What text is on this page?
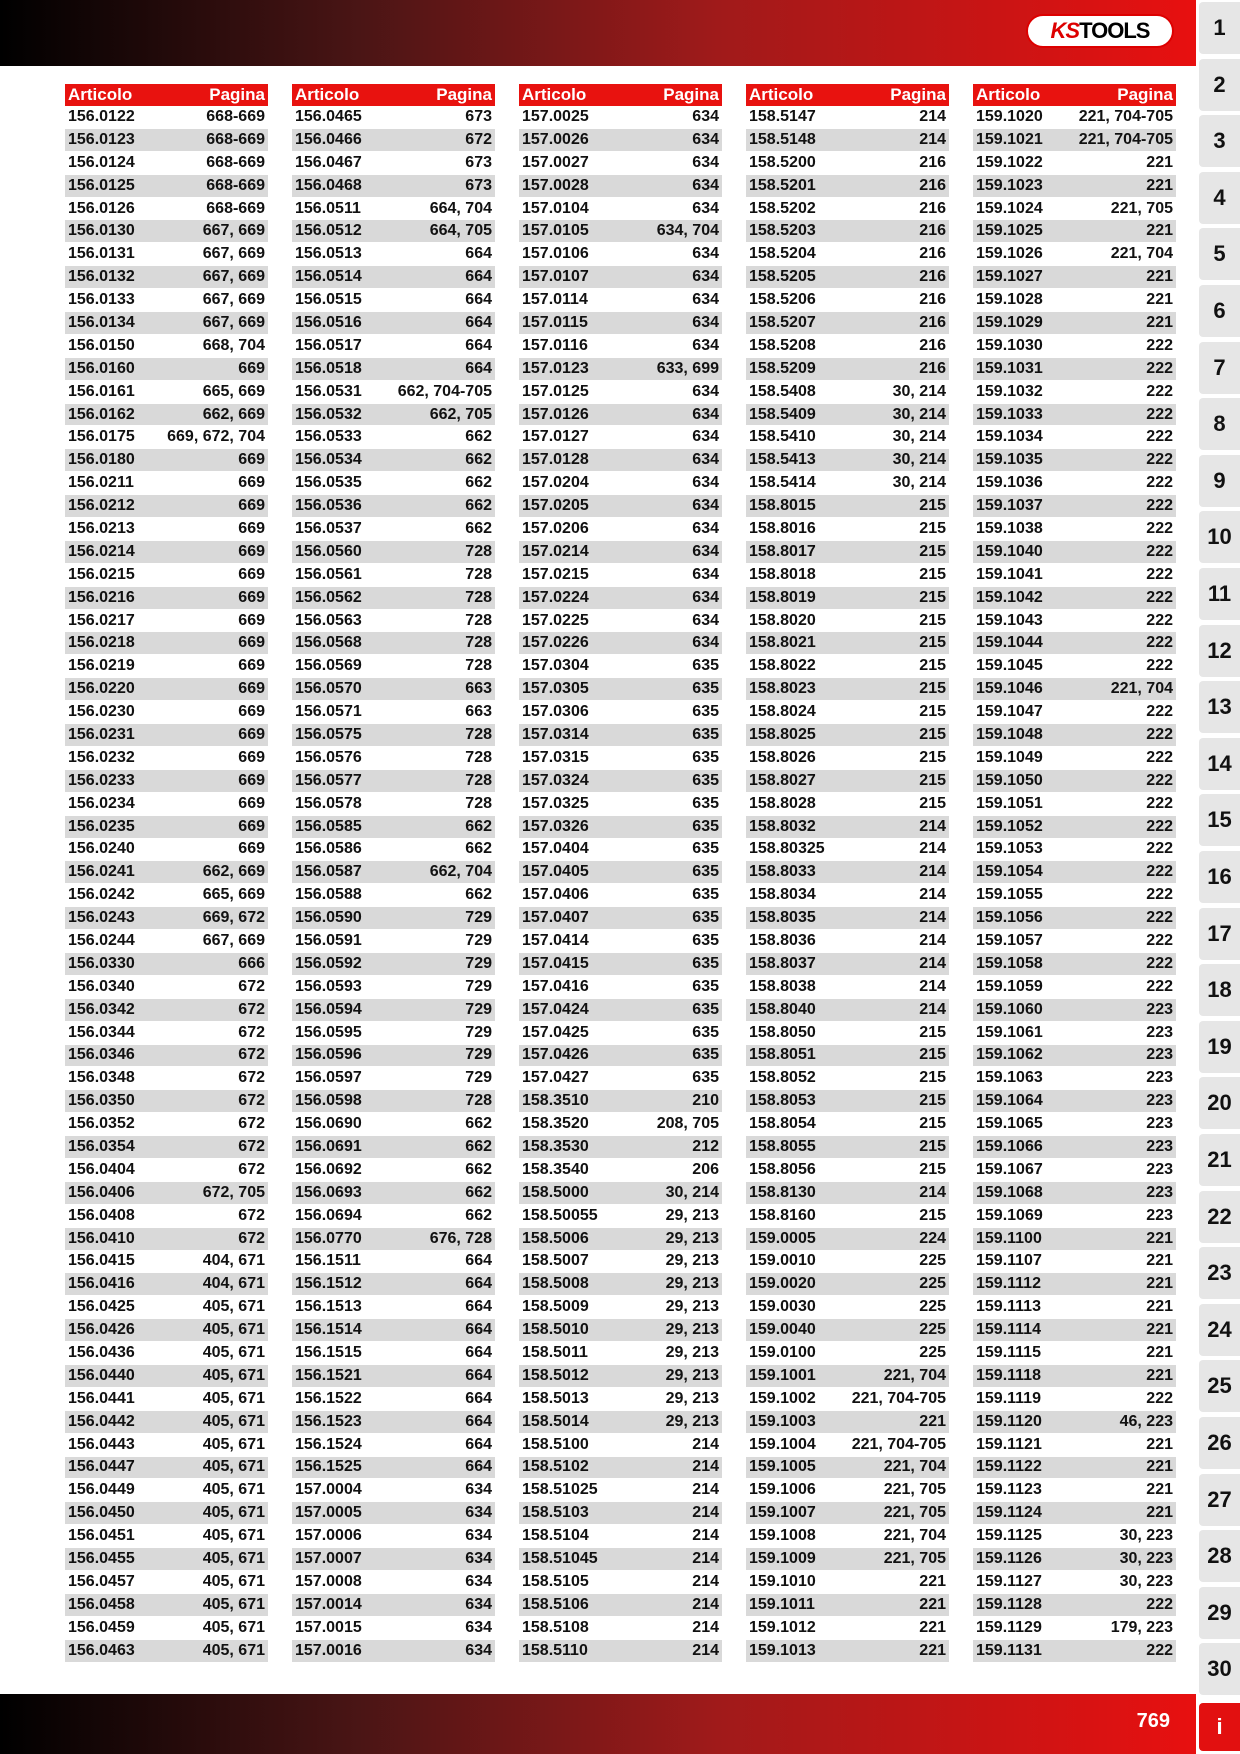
KSTOOLS	1
2
3
4
5
6
7
8
9
10
11
12
13
14
15
16
17
18
19
20
21
22
23
24
25
26
27
28
29
30
i
Articolo	Pagina
156.0122	668-669
156.0123	668-669
156.0124	668-669
156.0125	668-669
156.0126	668-669
156.0130	667, 669
156.0131	667, 669
156.0132	667, 669
156.0133	667, 669
156.0134	667, 669
156.0150	668, 704
156.0160	669
156.0161	665, 669
156.0162	662, 669
156.0175 669, 672, 704
156.0180	669
156.0211	669
156.0212	669
156.0213	669
156.0214	669
156.0215	669
156.0216	669
156.0217	669
156.0218	669
156.0219	669
156.0220	669
156.0230	669
156.0231	669
156.0232	669
156.0233	669
156.0234	669
156.0235	669
156.0240	669
156.0241	662, 669
156.0242	665, 669
156.0243	669, 672
156.0244	667, 669
156.0330	666
156.0340	672
156.0342	672
156.0344	672
156.0346	672
156.0348	672
156.0350	672
156.0352	672
156.0354	672
156.0404	672
156.0406	672, 705
156.0408	672
156.0410	672
156.0415	404, 671
156.0416	404, 671
156.0425	405, 671
156.0426	405, 671
156.0436	405, 671
156.0440	405, 671
156.0441	405, 671
156.0442	405, 671
156.0443	405, 671
156.0447	405, 671
156.0449	405, 671
156.0450	405, 671
156.0451	405, 671
156.0455	405, 671
156.0457	405, 671
156.0458	405, 671
156.0459	405, 671
156.0463	405, 671
Articolo	Pagina
156.0465	673
156.0466	672
156.0467	673
156.0468	673
156.0511	664, 704
156.0512	664, 705
156.0513	664
156.0514	664
156.0515	664
156.0516	664
156.0517	664
156.0518	664
156.0531 662, 704-705
156.0532	662, 705
156.0533	662
156.0534	662
156.0535	662
156.0536	662
156.0537	662
156.0560	728
156.0561	728
156.0562	728
156.0563	728
156.0568	728
156.0569	728
156.0570	663
156.0571	663
156.0575	728
156.0576	728
156.0577	728
156.0578	728
156.0585	662
156.0586	662
156.0587	662, 704
156.0588	662
156.0590	729
156.0591	729
156.0592	729
156.0593	729
156.0594	729
156.0595	729
156.0596	729
156.0597	729
156.0598	728
156.0690	662
156.0691	662
156.0692	662
156.0693	662
156.0694	662
156.0770	676, 728
156.1511	664
156.1512	664
156.1513	664
156.1514	664
156.1515	664
156.1521	664
156.1522	664
156.1523	664
156.1524	664
156.1525	664
157.0004	634
157.0005	634
157.0006	634
157.0007	634
157.0008	634
157.0014	634
157.0015	634
157.0016	634
Articolo	Pagina
157.0025	634
157.0026	634
157.0027	634
157.0028	634
157.0104	634
157.0105	634, 704
157.0106	634
157.0107	634
157.0114	634
157.0115	634
157.0116	634
157.0123	633, 699
157.0125	634
157.0126	634
157.0127	634
157.0128	634
157.0204	634
157.0205	634
157.0206	634
157.0214	634
157.0215	634
157.0224	634
157.0225	634
157.0226	634
157.0304	635
157.0305	635
157.0306	635
157.0314	635
157.0315	635
157.0324	635
157.0325	635
157.0326	635
157.0404	635
157.0405	635
157.0406	635
157.0407	635
157.0414	635
157.0415	635
157.0416	635
157.0424	635
157.0425	635
157.0426	635
157.0427	635
158.3510	210
158.3520	208, 705
158.3530	212
158.3540	206
158.5000	30, 214
158.50055	29, 213
158.5006	29, 213
158.5007	29, 213
158.5008	29, 213
158.5009	29, 213
158.5010	29, 213
158.5011	29, 213
158.5012	29, 213
158.5013	29, 213
158.5014	29, 213
158.5100	214
158.5102	214
158.51025	214
158.5103	214
158.5104	214
158.51045	214
158.5105	214
158.5106	214
158.5108	214
158.5110	214
Articolo	Pagina
158.5147	214
158.5148	214
158.5200	216
158.5201	216
158.5202	216
158.5203	216
158.5204	216
158.5205	216
158.5206	216
158.5207	216
158.5208	216
158.5209	216
158.5408	30, 214
158.5409	30, 214
158.5410	30, 214
158.5413	30, 214
158.5414	30, 214
158.8015	215
158.8016	215
158.8017	215
158.8018	215
158.8019	215
158.8020	215
158.8021	215
158.8022	215
158.8023	215
158.8024	215
158.8025	215
158.8026	215
158.8027	215
158.8028	215
158.8032	214
158.80325	214
158.8033	214
158.8034	214
158.8035	214
158.8036	214
158.8037	214
158.8038	214
158.8040	214
158.8050	215
158.8051	215
158.8052	215
158.8053	215
158.8054	215
158.8055	215
158.8056	215
158.8130	214
158.8160	215
159.0005	224
159.0010	225
159.0020	225
159.0030	225
159.0040	225
159.0100	225
159.1001	221, 704
159.1002 221, 704-705
159.1003	221
159.1004 221, 704-705
159.1005	221, 704
159.1006	221, 705
159.1007	221, 705
159.1008	221, 704
159.1009	221, 705
159.1010	221
159.1011	221
159.1012	221
159.1013	221
Articolo	Pagina
159.1020 221, 704-705
159.1021 221, 704-705
159.1022	221
159.1023	221
159.1024	221, 705
159.1025	221
159.1026	221, 704
159.1027	221
159.1028	221
159.1029	221
159.1030	222
159.1031	222
159.1032	222
159.1033	222
159.1034	222
159.1035	222
159.1036	222
159.1037	222
159.1038	222
159.1040	222
159.1041	222
159.1042	222
159.1043	222
159.1044	222
159.1045	222
159.1046	221, 704
159.1047	222
159.1048	222
159.1049	222
159.1050	222
159.1051	222
159.1052	222
159.1053	222
159.1054	222
159.1055	222
159.1056	222
159.1057	222
159.1058	222
159.1059	222
159.1060	223
159.1061	223
159.1062	223
159.1063	223
159.1064	223
159.1065	223
159.1066	223
159.1067	223
159.1068	223
159.1069	223
159.1100	221
159.1107	221
159.1112	221
159.1113	221
159.1114	221
159.1115	221
159.1118	221
159.1119	222
159.1120	46, 223
159.1121	221
159.1122	221
159.1123	221
159.1124	221
159.1125	30, 223
159.1126	30, 223
159.1127	30, 223
159.1128	222
159.1129	179, 223
159.1131	222
769
